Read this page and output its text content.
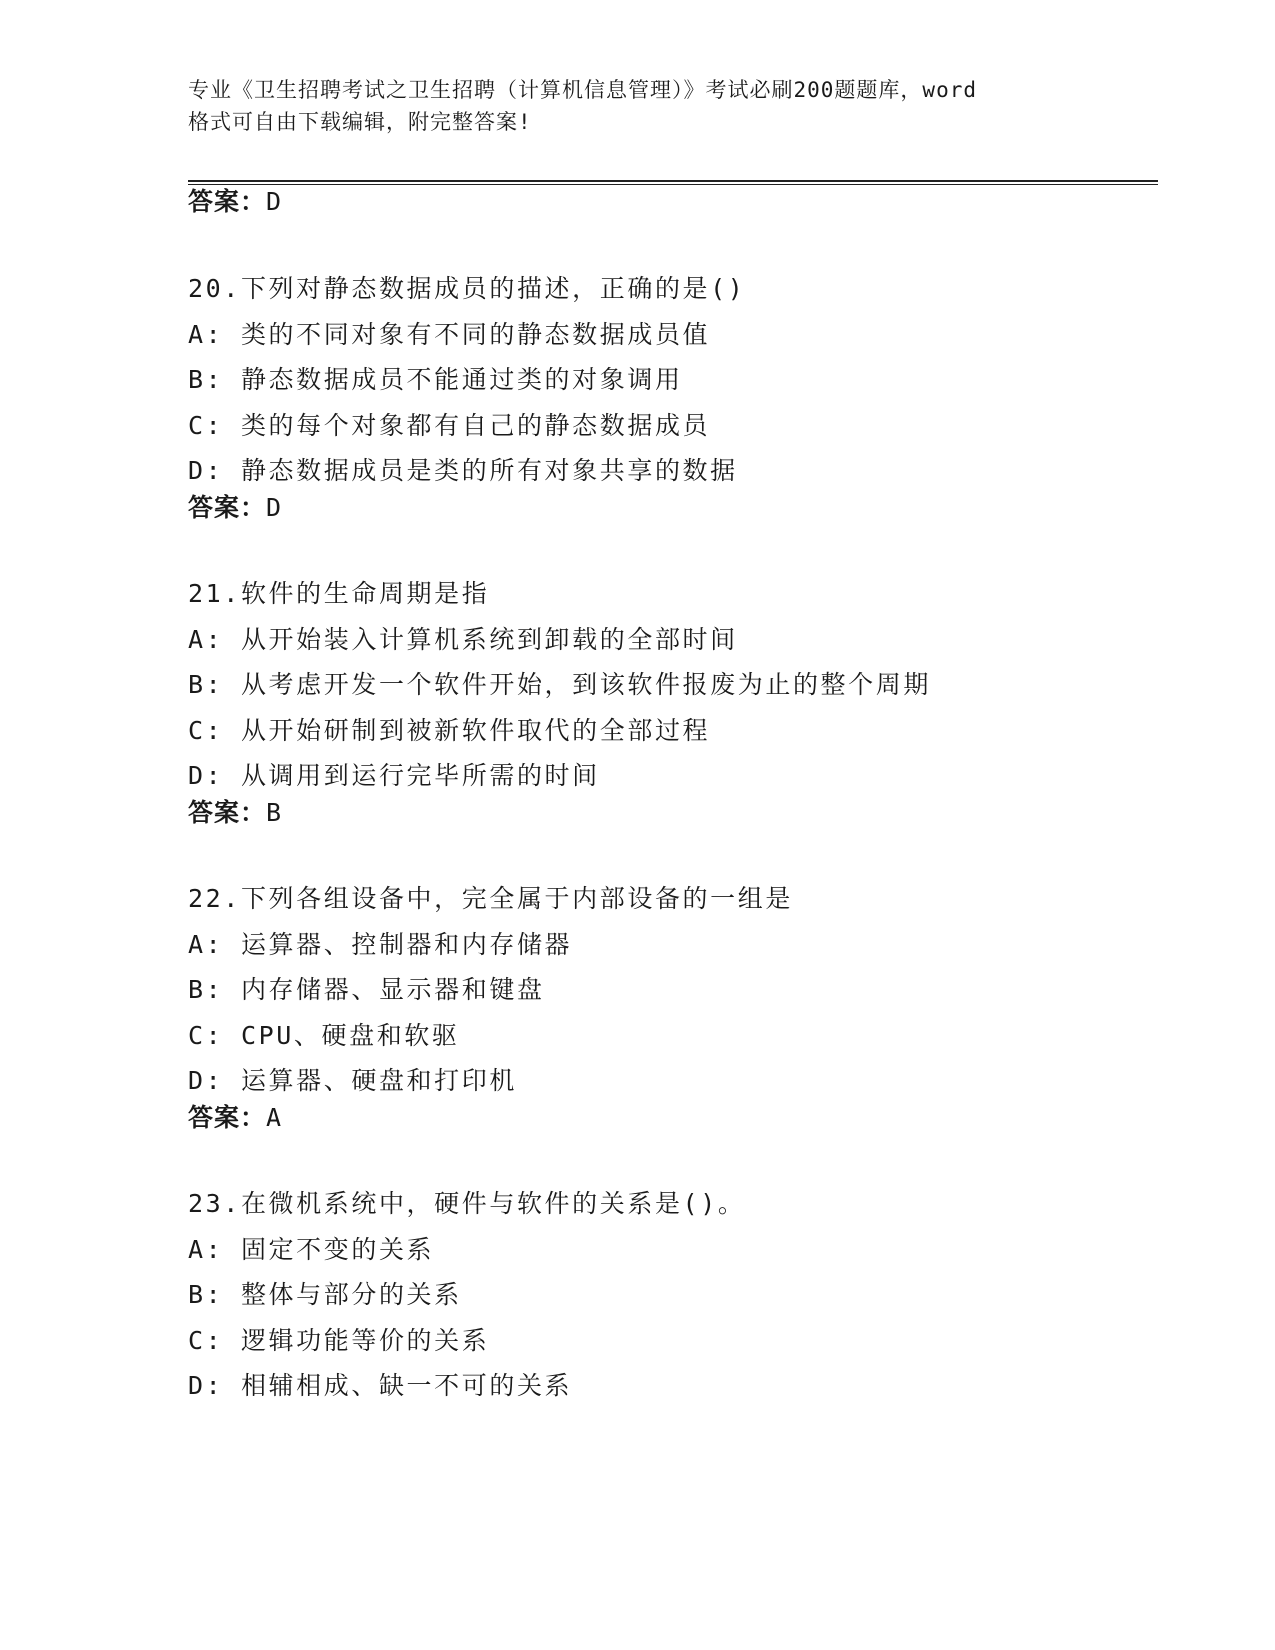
专业《卫生招聘考试之卫生招聘（计算机信息管理）》考试必刷200题题库，word
格式可自由下载编辑，附完整答案!
答案：D
20.下列对静态数据成员的描述，正确的是()
A: 类的不同对象有不同的静态数据成员值
B: 静态数据成员不能通过类的对象调用
C: 类的每个对象都有自己的静态数据成员
D: 静态数据成员是类的所有对象共享的数据
答案：D
21.软件的生命周期是指
A: 从开始装入计算机系统到卸载的全部时间
B: 从考虑开发一个软件开始，到该软件报废为止的整个周期
C: 从开始研制到被新软件取代的全部过程
D: 从调用到运行完毕所需的时间
答案：B
22.下列各组设备中，完全属于内部设备的一组是
A: 运算器、控制器和内存储器
B: 内存储器、显示器和键盘
C: CPU、硬盘和软驱
D: 运算器、硬盘和打印机
答案：A
23.在微机系统中，硬件与软件的关系是()。
A: 固定不变的关系
B: 整体与部分的关系
C: 逻辑功能等价的关系
D: 相辅相成、缺一不可的关系
